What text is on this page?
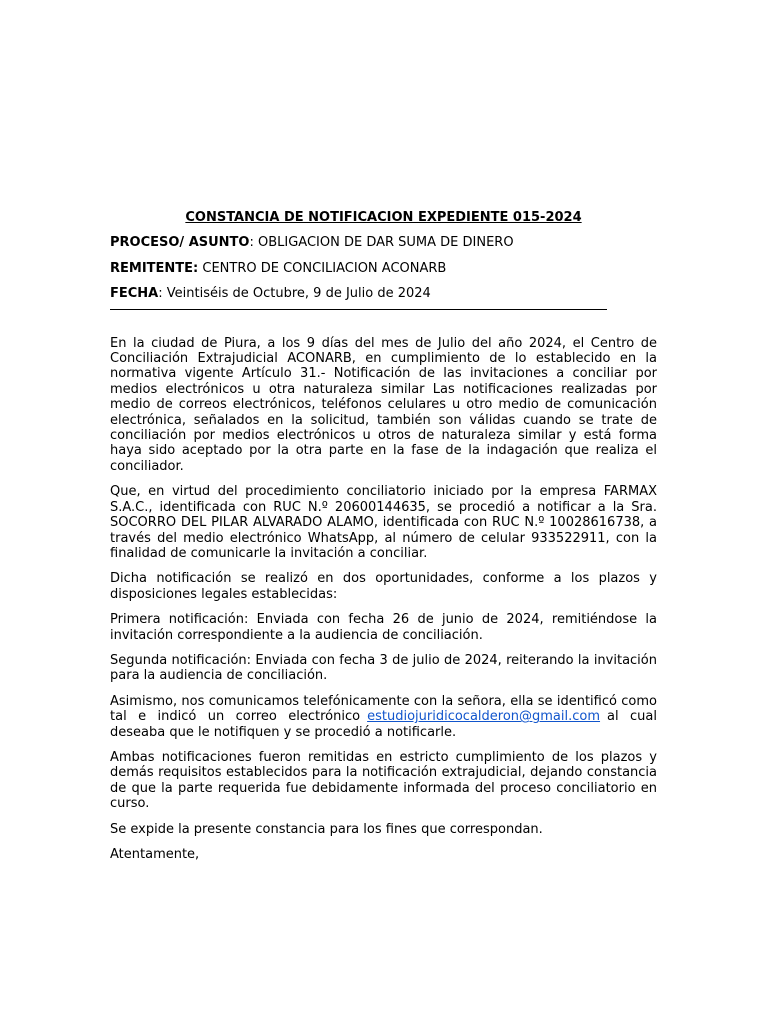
CONSTANCIA DE NOTIFICACION EXPEDIENTE 015-2024
PROCESO/ ASUNTO: OBLIGACION DE DAR SUMA DE DINERO
REMITENTE: CENTRO DE CONCILIACION ACONARB
FECHA: Veintiséis de Octubre, 9 de Julio de 2024

En la ciudad de Piura, a los 9 días del mes de Julio del año 2024, el Centro de Conciliación Extrajudicial ACONARB, en cumplimiento de lo establecido en la normativa vigente Artículo 31.- Notificación de las invitaciones a conciliar por medios electrónicos u otra naturaleza similar Las notificaciones realizadas por medio de correos electrónicos, teléfonos celulares u otro medio de comunicación electrónica, señalados en la solicitud, también son válidas cuando se trate de conciliación por medios electrónicos u otros de naturaleza similar y está forma haya sido aceptado por la otra parte en la fase de la indagación que realiza el conciliador.

Que, en virtud del procedimiento conciliatorio iniciado por la empresa FARMAX S.A.C., identificada con RUC N.º 20600144635, se procedió a notificar a la Sra. SOCORRO DEL PILAR ALVARADO ALAMO, identificada con RUC N.º 10028616738, a través del medio electrónico WhatsApp, al número de celular 933522911, con la finalidad de comunicarle la invitación a conciliar.

Dicha notificación se realizó en dos oportunidades, conforme a los plazos y disposiciones legales establecidas:

Primera notificación: Enviada con fecha 26 de junio de 2024, remitiéndose la invitación correspondiente a la audiencia de conciliación.

Segunda notificación: Enviada con fecha 3 de julio de 2024, reiterando la invitación para la audiencia de conciliación.

Asimismo, nos comunicamos telefónicamente con la señora, ella se identificó como tal e indicó un correo electrónico estudiojuridicocalderon@gmail.com al cual deseaba que le notifiquen y se procedió a notificarle.

Ambas notificaciones fueron remitidas en estricto cumplimiento de los plazos y demás requisitos establecidos para la notificación extrajudicial, dejando constancia de que la parte requerida fue debidamente informada del proceso conciliatorio en curso.

Se expide la presente constancia para los fines que correspondan.

Atentamente,
